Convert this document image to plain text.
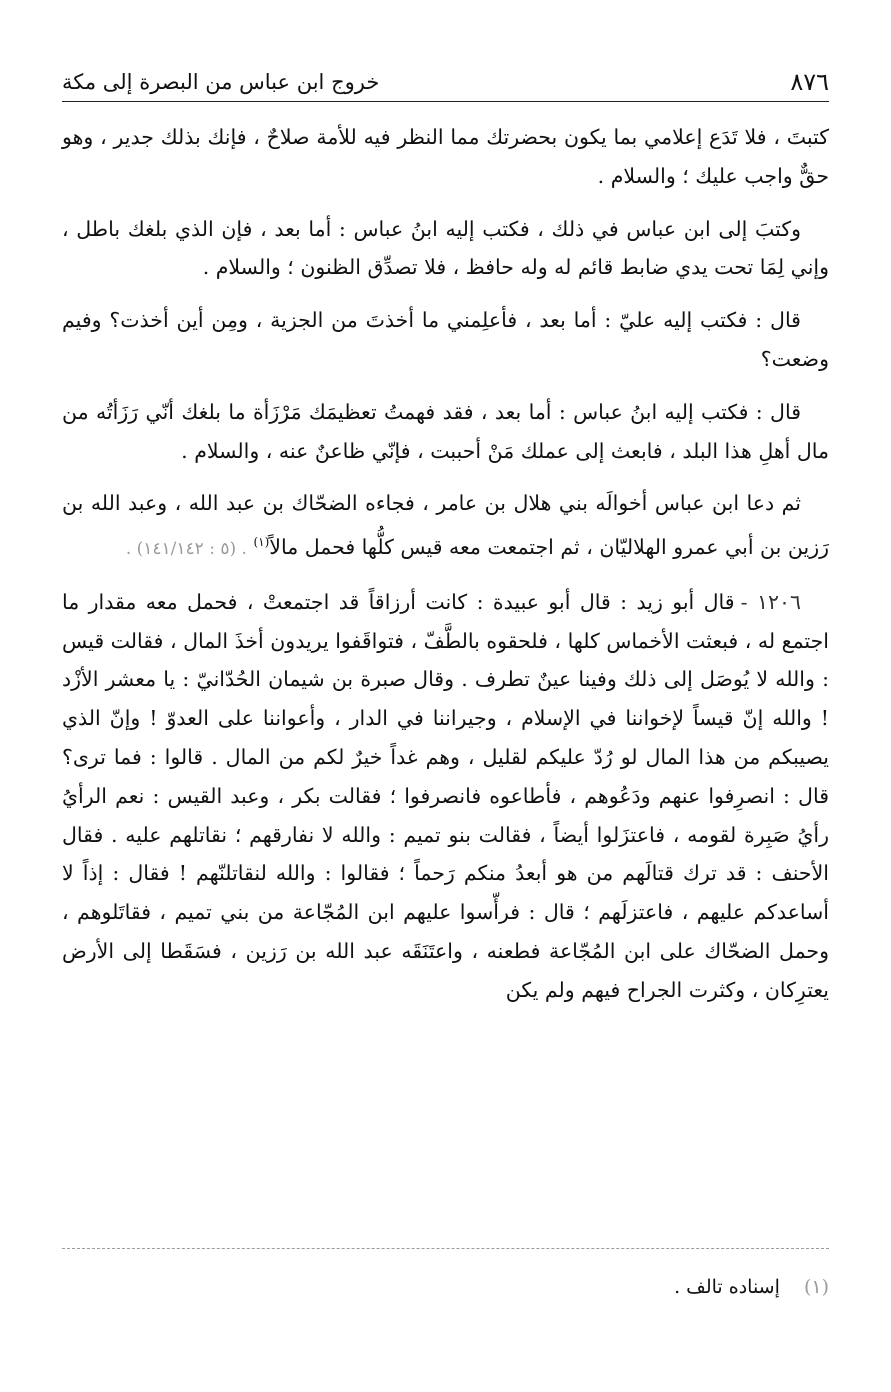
٨٧٦
خروج ابن عباس من البصرة إلى مكة

كتبتَ ، فلا تَدَع إعلامي بما يكون بحضرتك مما النظر فيه للأمة صلاحٌ ، فإنك بذلك جدير ، وهو حقٌّ واجب عليك ؛ والسلام .

وكتبَ إلى ابن عباس في ذلك ، فكتب إليه ابنُ عباس : أما بعد ، فإن الذي بلغك باطل ، وإني لِمَا تحت يدي ضابط قائم له وله حافظ ، فلا تصدِّق الظنون ؛ والسلام .

قال : فكتب إليه عليّ : أما بعد ، فأعلِمني ما أخذتَ من الجزية ، ومِن أين أخذت؟ وفيم وضعت؟

قال : فكتب إليه ابنُ عباس : أما بعد ، فقد فهمتُ تعظيمَك مَرْزَأة ما بلغك أنّي رَزَأتُه من مال أهلِ هذا البلد ، فابعث إلى عملك مَنْ أحببت ، فإنّي ظاعنٌ عنه ، والسلام .

ثم دعا ابن عباس أخوالَه بني هلال بن عامر ، فجاءه الضحّاك بن عبد الله ، وعبد الله بن رَزين بن أبي عمرو الهلاليّان ، ثم اجتمعت معه قيس كلُّها فحمل مالاً$^{(١)}$ . (٥ : ١٤١/١٤٢) .

١٢٠٦ -قال أبو زيد : قال أبو عبيدة : كانت أرزاقاً قد اجتمعتْ ، فحمل معه مقدار ما اجتمع له ، فبعثت الأخماس كلها ، فلحقوه بالطَّفّ ، فتواقَفوا يريدون أخذَ المال ، فقالت قيس : والله لا يُوصَل إلى ذلك وفينا عينٌ تطرف . وقال صبرة بن شيمان الحُدّانيّ : يا معشر الأزْد ! والله إنّ قيساً لإخواننا في الإسلام ، وجيراننا في الدار ، وأعواننا على العدوّ ! وإنّ الذي يصيبكم من هذا المال لو رُدّ عليكم لقليل ، وهم غداً خيرٌ لكم من المال . قالوا : فما ترى؟ قال : انصرِفوا عنهم ودَعُوهم ، فأطاعوه فانصرفوا ؛ فقالت بكر ، وعبد القيس : نعم الرأيُ رأيُ صَبِرة لقومه ، فاعتزَلوا أيضاً ، فقالت بنو تميم : والله لا نفارقهم ؛ نقاتلهم عليه . فقال الأحنف : قد ترك قتالَهم من هو أبعدُ منكم رَحماً ؛ فقالوا : والله لنقاتلنّهم ! فقال : إذاً لا أساعدكم عليهم ، فاعتزلَهم ؛ قال : فرأّسوا عليهم ابن المُجّاعة من بني تميم ، فقاتَلوهم ، وحمل الضحّاك على ابن المُجّاعة فطعنه ، واعتَنَقَه عبد الله بن رَزين ، فسَقَطا إلى الأرض يعترِكان ، وكثرت الجراح فيهم ولم يكن

(١) إسناده تالف .
